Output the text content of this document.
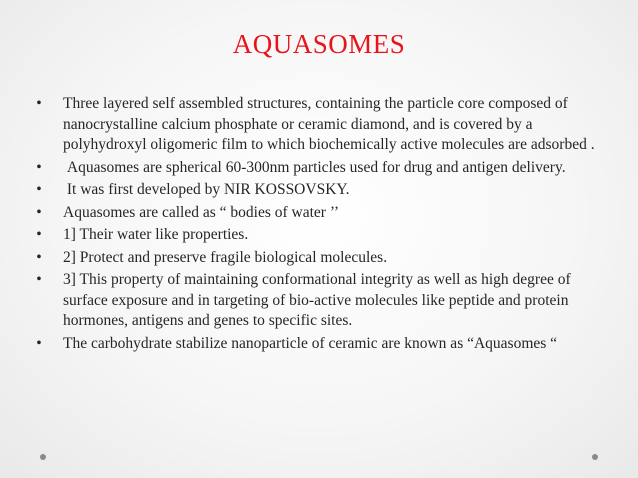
AQUASOMES
• Three layered self assembled structures, containing the particle core composed of nanocrystalline calcium phosphate or ceramic diamond, and is covered by a polyhydroxyl oligomeric film to which biochemically active molecules are adsorbed .
• Aquasomes are spherical 60-300nm particles used for drug and antigen delivery.
• It was first developed by NIR KOSSOVSKY.
• Aquasomes are called as “ bodies of water ’’
• 1] Their water like properties.
• 2] Protect and preserve fragile biological molecules.
• 3] This property of maintaining conformational integrity as well as high degree of surface exposure and in targeting of bio-active molecules like peptide and protein hormones, antigens and genes to specific sites.
• The carbohydrate stabilize nanoparticle of ceramic are known as “Aquasomes “
